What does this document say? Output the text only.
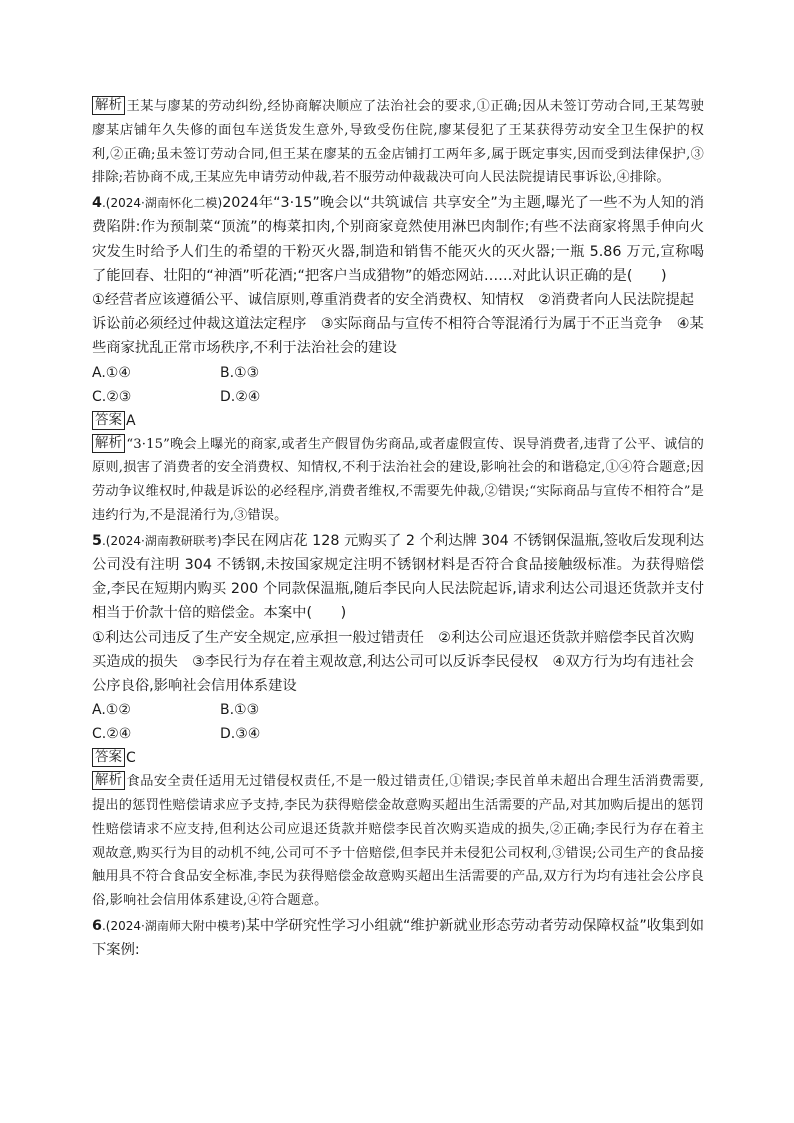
解析 王某与廖某的劳动纠纷,经协商解决顺应了法治社会的要求,①正确;因从未签订劳动合同,王某驾驶廖某店铺年久失修的面包车送货发生意外,导致受伤住院,廖某侵犯了王某获得劳动安全卫生保护的权利,②正确;虽未签订劳动合同,但王某在廖某的五金店铺打工两年多,属于既定事实,因而受到法律保护,③排除;若协商不成,王某应先申请劳动仲裁,若不服劳动仲裁裁决可向人民法院提请民事诉讼,④排除。

4.(2024·湖南怀化二模)2024年“3·15”晚会以“共筑诚信 共享安全”为主题,曝光了一些不为人知的消费陷阱:作为预制菜“顶流”的梅菜扣肉,个别商家竟然使用淋巴肉制作;有些不法商家将黑手伸向火灾发生时给予人们生的希望的干粉灭火器,制造和销售不能灭火的灭火器;一瓶 5.86 万元,宣称喝了能回春、壮阳的“神酒”听花酒;“把客户当成猎物”的婚恋网站……对此认识正确的是(　　)

①经营者应该遵循公平、诚信原则,尊重消费者的安全消费权、知情权　②消费者向人民法院提起诉讼前必须经过仲裁这道法定程序　③实际商品与宣传不相符合等混淆行为属于不正当竞争　④某些商家扰乱正常市场秩序,不利于法治社会的建设

A.①④	B.①③
C.②③	D.②④

答案 A

解析 “3·15”晚会上曝光的商家,或者生产假冒伪劣商品,或者虚假宣传、误导消费者,违背了公平、诚信的原则,损害了消费者的安全消费权、知情权,不利于法治社会的建设,影响社会的和谐稳定,①④符合题意;因劳动争议维权时,仲裁是诉讼的必经程序,消费者维权,不需要先仲裁,②错误;“实际商品与宣传不相符合”是违约行为,不是混淆行为,③错误。

5.(2024·湖南教研联考)李民在网店花 128 元购买了 2 个利达牌 304 不锈钢保温瓶,签收后发现利达公司没有注明 304 不锈钢,未按国家规定注明不锈钢材料是否符合食品接触级标准。为获得赔偿金,李民在短期内购买 200 个同款保温瓶,随后李民向人民法院起诉,请求利达公司退还货款并支付相当于价款十倍的赔偿金。本案中(　　)

①利达公司违反了生产安全规定,应承担一般过错责任　②利达公司应退还货款并赔偿李民首次购买造成的损失　③李民行为存在着主观故意,利达公司可以反诉李民侵权　④双方行为均有违社会公序良俗,影响社会信用体系建设

A.①②	B.①③
C.②④	D.③④

答案 C

解析 食品安全责任适用无过错侵权责任,不是一般过错责任,①错误;李民首单未超出合理生活消费需要,提出的惩罚性赔偿请求应予支持,李民为获得赔偿金故意购买超出生活需要的产品,对其加购后提出的惩罚性赔偿请求不应支持,但利达公司应退还货款并赔偿李民首次购买造成的损失,②正确;李民行为存在着主观故意,购买行为目的动机不纯,公司可不予十倍赔偿,但李民并未侵犯公司权利,③错误;公司生产的食品接触用具不符合食品安全标准,李民为获得赔偿金故意购买超出生活需要的产品,双方行为均有违社会公序良俗,影响社会信用体系建设,④符合题意。

6.(2024·湖南师大附中模考)某中学研究性学习小组就“维护新就业形态劳动者劳动保障权益”收集到如下案例:
